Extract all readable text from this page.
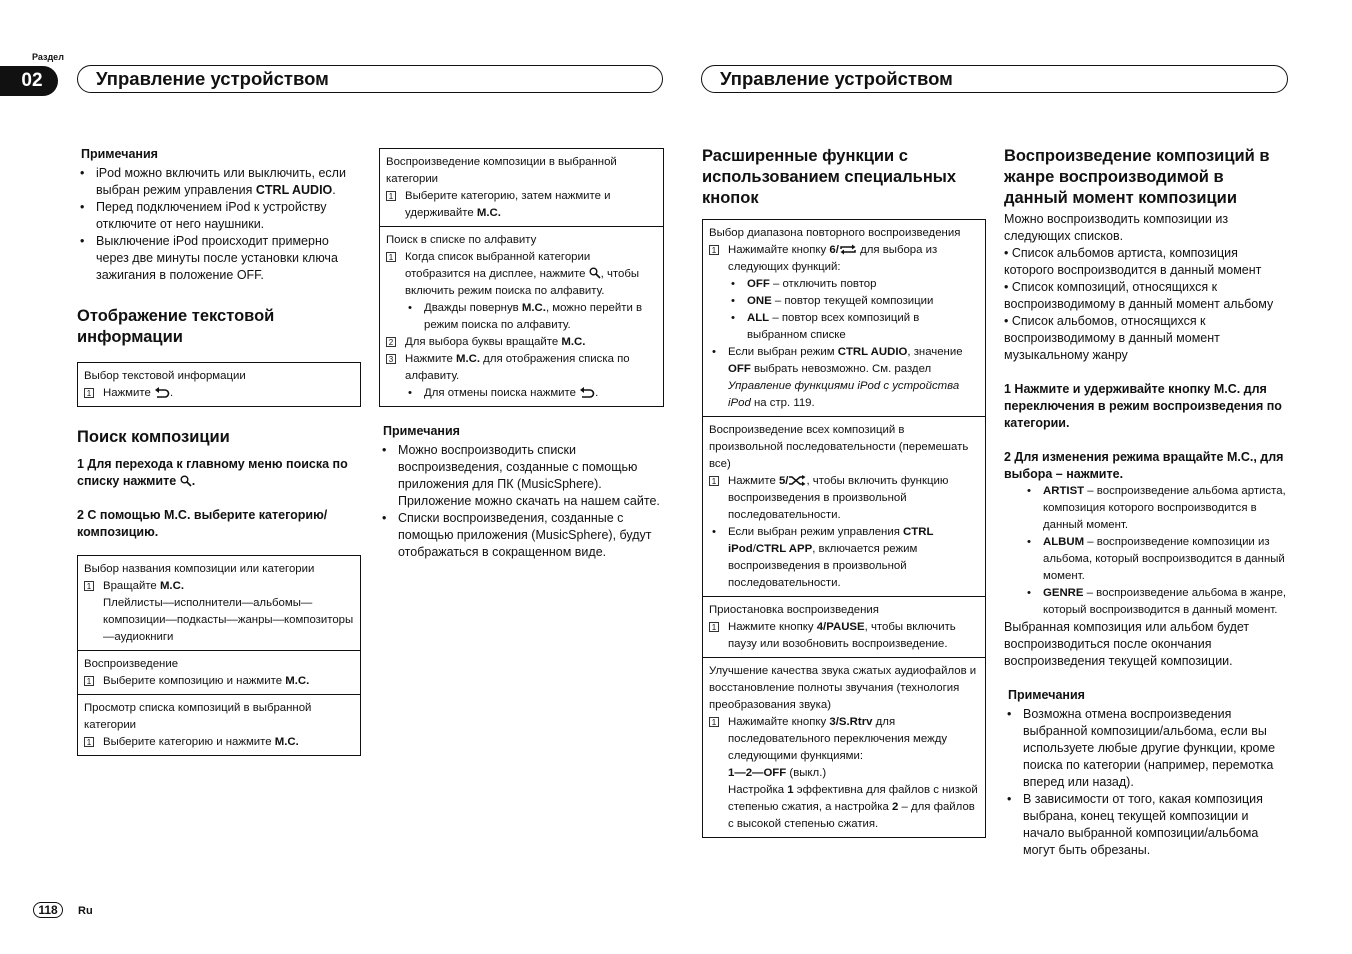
Раздел
02	Управление устройством	Управление устройством

Примечания

• iPod можно включить или выключить, если выбран режим управления CTRL AUDIO.
• Перед подключением iPod к устройству отключите от него наушники.
• Выключение iPod происходит примерно через две минуты после установки ключа зажигания в положение OFF.
Отображение текстовой информации
Выбор текстовой информации
1 Нажмите .
Поиск композиции

1 Для перехода к главному меню поиска по списку нажмите .

2 С помощью M.C. выберите категорию/композицию.

Выбор названия композиции или категории
1 Вращайте M.C.
Плейлисты—исполнители—альбомы—композиции—подкасты—жанры—композиторы—аудиокниги
Воспроизведение
1 Выберите композицию и нажмите M.C.
Просмотр списка композиций в выбранной категории
1 Выберите категорию и нажмите M.C.
Воспроизведение композиции в выбранной категории
1 Выберите категорию, затем нажмите и удерживайте M.C.
Поиск в списке по алфавиту
1 Когда список выбранной категории отобразится на дисплее, нажмите , чтобы включить режим поиска по алфавиту.
• Дважды повернув M.C., можно перейти в режим поиска по алфавиту.
2 Для выбора буквы вращайте M.C.
3 Нажмите M.C. для отображения списка по алфавиту.
• Для отмены поиска нажмите .

Примечания

• Можно воспроизводить списки воспроизведения, созданные с помощью приложения для ПК (MusicSphere). Приложение можно скачать на нашем сайте.
• Списки воспроизведения, созданные с помощью приложения (MusicSphere), будут отображаться в сокращенном виде.
Расширенные функции с использованием специальных кнопок
Выбор диапазона повторного воспроизведения
1 Нажимайте кнопку 6/ для выбора из следующих функций:
• OFF – отключить повтор
• ONE – повтор текущей композиции
• ALL – повтор всех композиций в выбранном списке
• Если выбран режим CTRL AUDIO, значение OFF выбрать невозможно. См. раздел Управление функциями iPod с устройства iPod на стр. 119.
Воспроизведение всех композиций в произвольной последовательности (перемешать все)
1 Нажмите 5/ , чтобы включить функцию воспроизведения в произвольной последовательности.
• Если выбран режим управления CTRL iPod/CTRL APP, включается режим воспроизведения в произвольной последовательности.
Приостановка воспроизведения
1 Нажмите кнопку 4/PAUSE, чтобы включить паузу или возобновить воспроизведение.
Улучшение качества звука сжатых аудиофайлов и восстановление полноты звучания (технология преобразования звука)
1 Нажимайте кнопку 3/S.Rtrv для последовательного переключения между следующими функциями:
1—2—OFF (выкл.)
Настройка 1 эффективна для файлов с низкой степенью сжатия, а настройка 2 – для файлов с высокой степенью сжатия.
Воспроизведение композиций в жанре воспроизводимой в данный момент композиции

Можно воспроизводить композиции из следующих списков.

• Список альбомов артиста, композиция которого воспроизводится в данный момент

• Список композиций, относящихся к воспроизводимому в данный момент альбому

• Список альбомов, относящихся к воспроизводимому в данный момент музыкальному жанру

1 Нажмите и удерживайте кнопку M.C. для переключения в режим воспроизведения по категории.

2 Для изменения режима вращайте M.C., для выбора – нажмите.

• ARTIST – воспроизведение альбома артиста, композиция которого воспроизводится в данный момент.
• ALBUM – воспроизведение композиции из альбома, который воспроизводится в данный момент.
• GENRE – воспроизведение альбома в жанре, который воспроизводится в данный момент.

Выбранная композиция или альбом будет воспроизводиться после окончания воспроизведения текущей композиции.

Примечания

• Возможна отмена воспроизведения выбранной композиции/альбома, если вы используете любые другие функции, кроме поиска по категории (например, перемотка вперед или назад).
• В зависимости от того, какая композиция выбрана, конец текущей композиции и начало выбранной композиции/альбома могут быть обрезаны.
118	Ru
